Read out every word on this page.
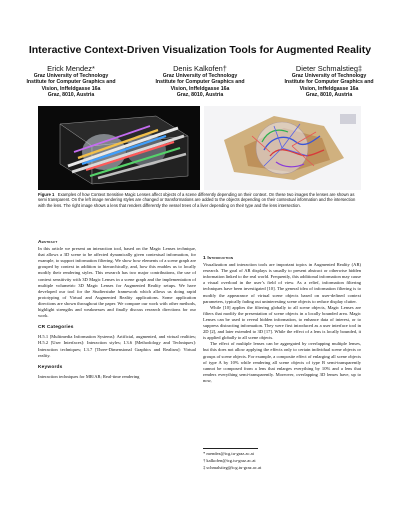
Interactive Context-Driven Visualization Tools for Augmented Reality
Erick Mendez*
Graz University of Technology
Institute for Computer Graphics and
Vision, Inffeldgasse 16a
Graz, 8010, Austria
Denis Kalkofen†
Graz University of Technology
Institute for Computer Graphics and
Vision, Inffeldgasse 16a
Graz, 8010, Austria
Dieter Schmalstieg‡
Graz University of Technology
Institute for Computer Graphics and
Vision, Inffeldgasse 16a
Graz, 8010, Austria
Figure 1 Examples of how Context Sensitive Magic Lenses affect objects of a scene differently depending on their context. On these two images the lenses are shown as semi transparent. On the left image rendering styles are changed or transformations are added to the objects depending on their contextual information and the intersection with the lens. The right image shows a lens that renders differently the vessel trees of a liver depending on their type and the lens intersection.

Abstract

In this article we present an interaction tool, based on the Magic Lenses technique, that allows a 3D scene to be affected dynamically given contextual information, for example, to support information filtering. We show how elements of a scene graph are grouped by context in addition to hierarchically, and, how this enables us to locally modify their rendering styles. This research has two major contributions, the use of context sensitivity with 3D Magic Lenses in a scene graph and the implementation of multiple volumetric 3D Magic Lenses for Augmented Reality setups. We have developed our tool for the Studierstube framework which allows us doing rapid prototyping of Virtual and Augmented Reality applications. Some application directions are shown throughout the paper. We compare our work with other methods, highlight strengths and weaknesses and finally discuss research directions for our work.

CR Categories

H.5.1 [Multimedia Information Systems]: Artificial, augmented, and virtual realities; H.5.2 [User Interfaces]: Interaction styles; I.3.6 [Methodology and Techniques]: Interaction techniques; I.3.7 [Three-Dimensional Graphics and Realism]: Virtual reality.

Keywords

Interaction techniques for MR/AR; Real-time rendering

1 Introduction

Visualization and interaction tools are important topics in Augmented Reality (AR) research. The goal of AR displays is usually to present abstract or otherwise hidden information linked to the real world. Frequently, this additional information may cause a visual overload in the user’s field of view. As a relief, information filtering techniques have been investigated [10]. The general idea of information filtering is to modify the appearance of virtual scene objects based on user-defined context parameters, typically fading out uninteresting scene objects to reduce display clutter.

While [10] applies the filtering globally to all scene objects, Magic Lenses are filters that modify the presentation of scene objects in a locally bounded area. Magic Lenses can be used to reveal hidden information, to enhance data of interest, or to suppress distracting information. They were first introduced as a user interface tool in 2D [2], and later extended to 3D [17]. While the effect of a lens is locally bounded, it is applied globally to all scene objects.

The effect of multiple lenses can be aggregated by overlapping multiple lenses, but this does not allow applying the effects only to certain individual scene objects or groups of scene objects. For example, a composite effect of enlarging all scene objects of type A by 10% while rendering all scene objects of type B semi-transparently cannot be composed from a lens that enlarges everything by 10% and a lens that renders everything semi-transparently. Moreover, overlapping 3D lenses have, up to now,

* mendez@icg.tu-graz.ac.at
† kalkofen@icg.tu-graz.ac.at
‡ schmalstieg@icg.tu-graz.ac.at
